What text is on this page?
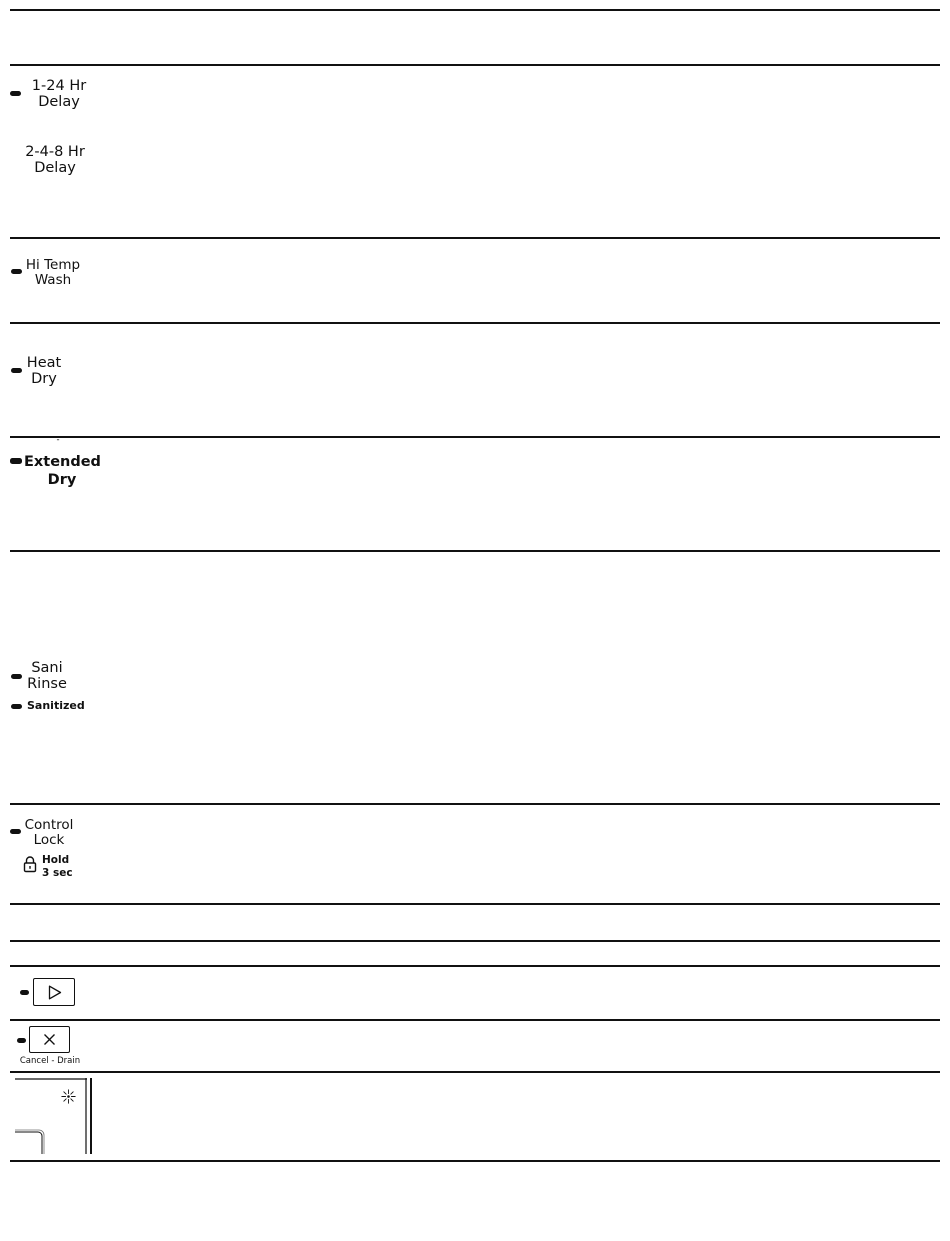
1-24 Hr
Delay
2-4-8 Hr
Delay
Hi Temp
Wash
Heat
Dry
-
Extended
Dry
Sani
Rinse
Sanitized
Control
Lock
Hold
3 sec
Cancel - Drain
